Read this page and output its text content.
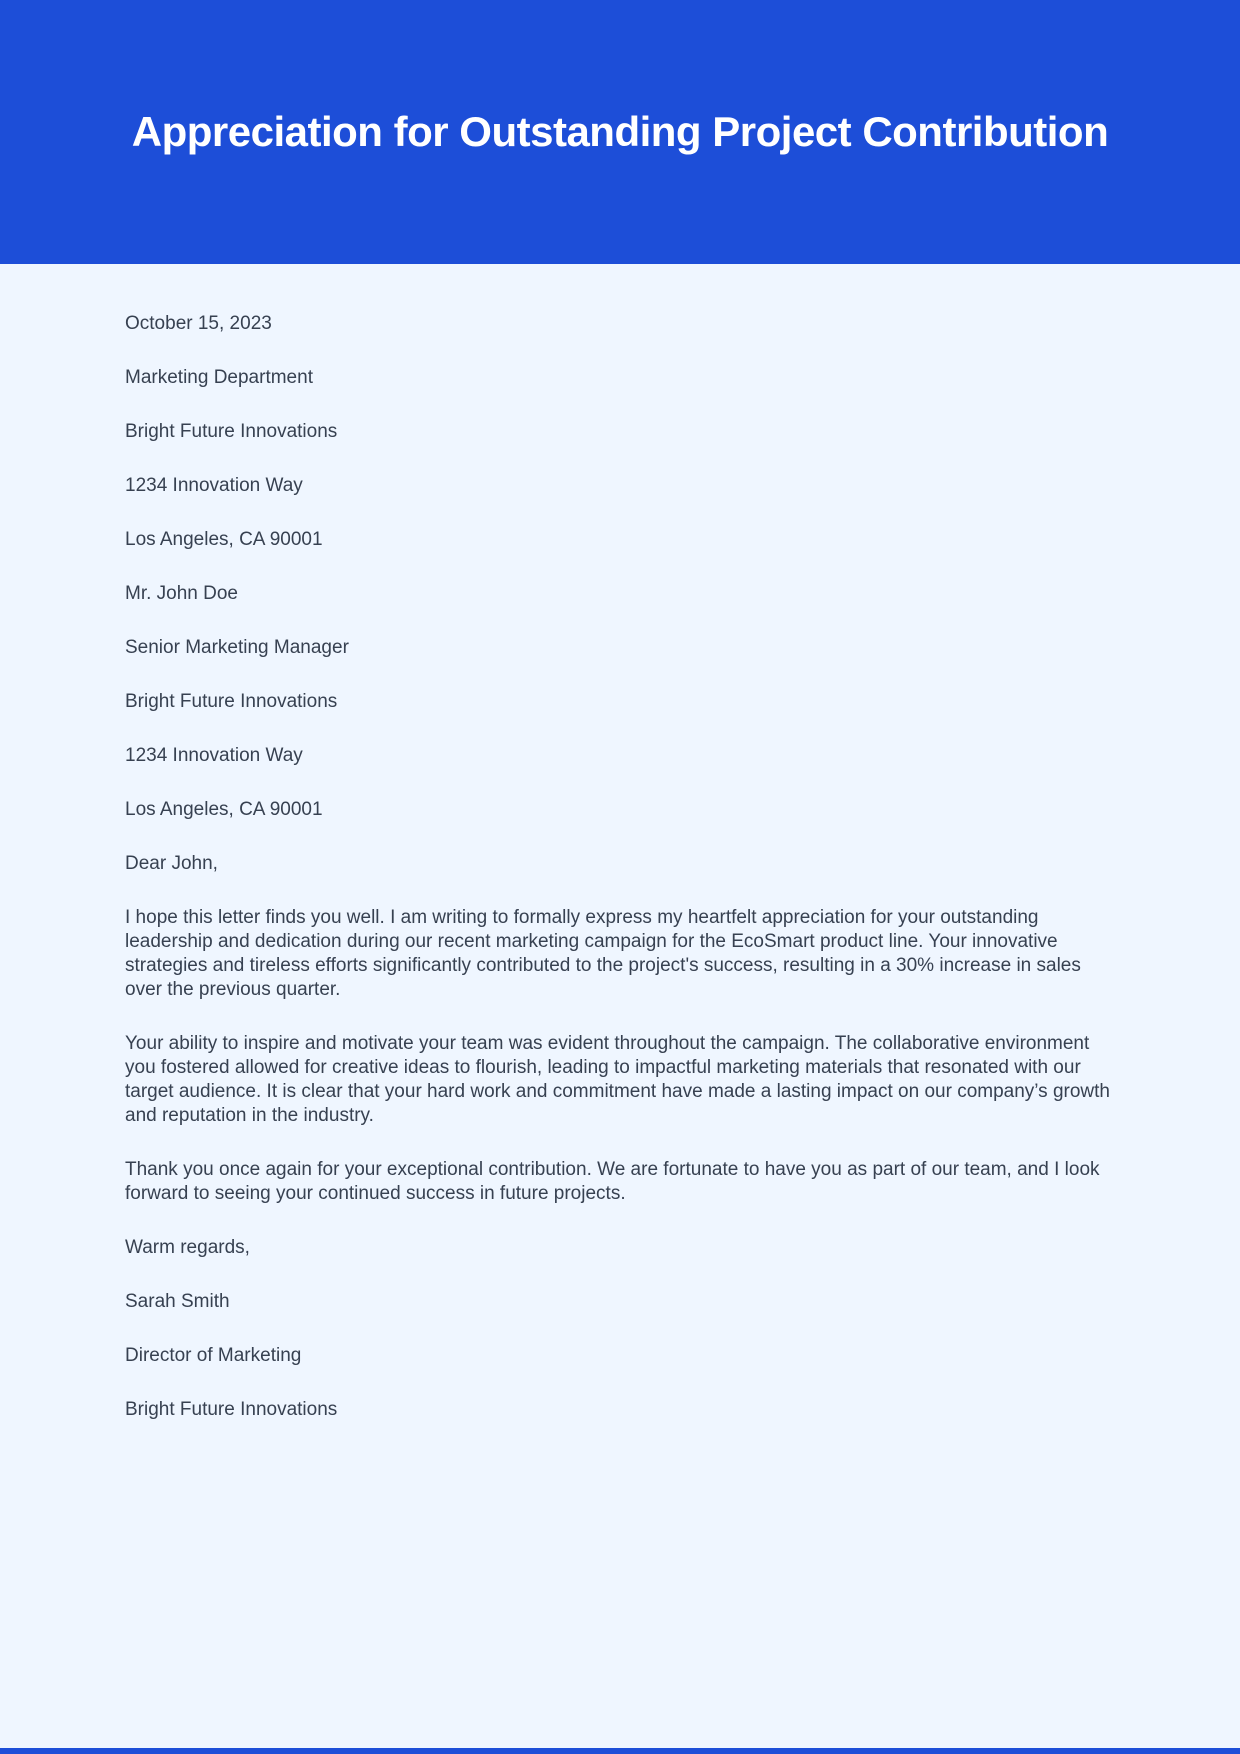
Appreciation for Outstanding Project Contribution

October 15, 2023

Marketing Department

Bright Future Innovations

1234 Innovation Way

Los Angeles, CA 90001

Mr. John Doe

Senior Marketing Manager

Bright Future Innovations

1234 Innovation Way

Los Angeles, CA 90001

Dear John,

I hope this letter finds you well. I am writing to formally express my heartfelt appreciation for your outstanding leadership and dedication during our recent marketing campaign for the EcoSmart product line. Your innovative strategies and tireless efforts significantly contributed to the project's success, resulting in a 30% increase in sales over the previous quarter.

Your ability to inspire and motivate your team was evident throughout the campaign. The collaborative environment you fostered allowed for creative ideas to flourish, leading to impactful marketing materials that resonated with our target audience. It is clear that your hard work and commitment have made a lasting impact on our company’s growth and reputation in the industry.

Thank you once again for your exceptional contribution. We are fortunate to have you as part of our team, and I look forward to seeing your continued success in future projects.

Warm regards,

Sarah Smith

Director of Marketing

Bright Future Innovations
